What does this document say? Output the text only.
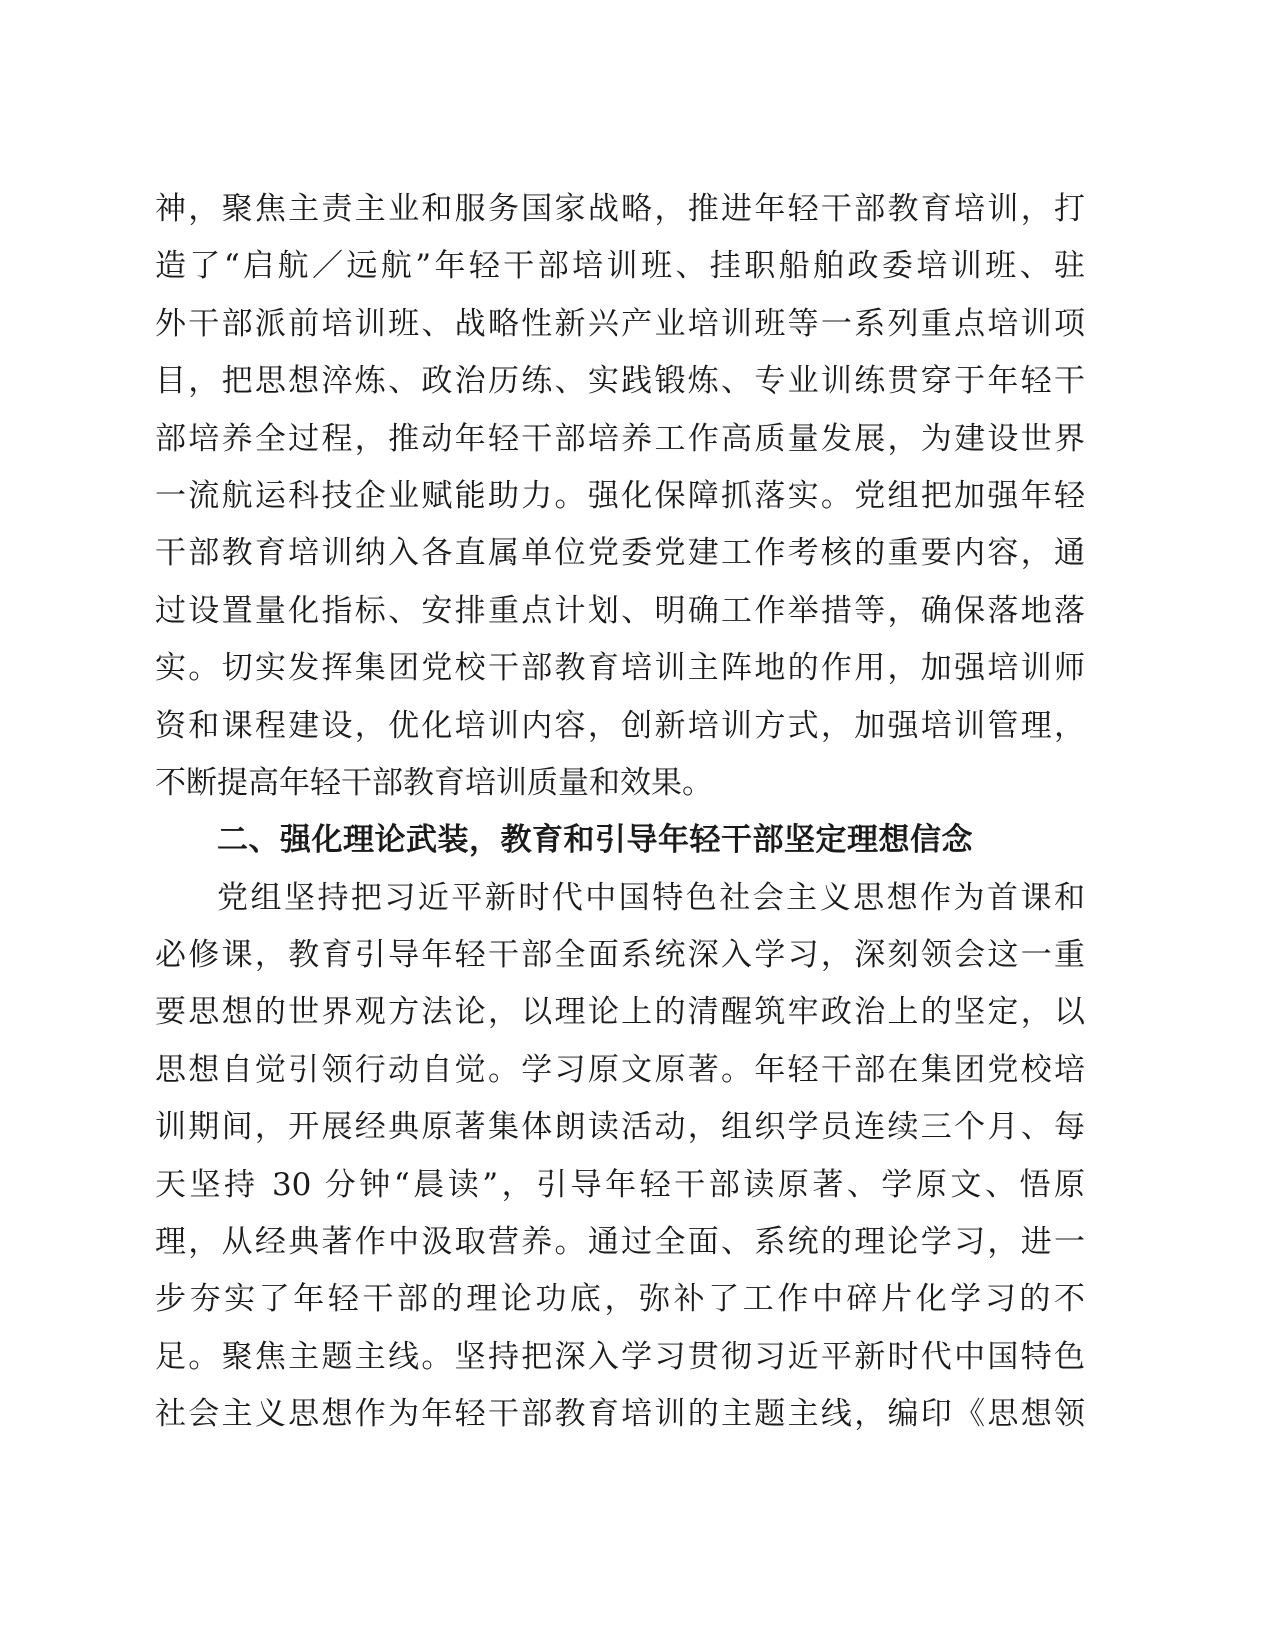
神，聚焦主责主业和服务国家战略，推进年轻干部教育培训，打
造了“启航／远航”年轻干部培训班、挂职船舶政委培训班、驻
外干部派前培训班、战略性新兴产业培训班等一系列重点培训项
目，把思想淬炼、政治历练、实践锻炼、专业训练贯穿于年轻干
部培养全过程，推动年轻干部培养工作高质量发展，为建设世界
一流航运科技企业赋能助力。强化保障抓落实。党组把加强年轻
干部教育培训纳入各直属单位党委党建工作考核的重要内容，通
过设置量化指标、安排重点计划、明确工作举措等，确保落地落
实。切实发挥集团党校干部教育培训主阵地的作用，加强培训师
资和课程建设，优化培训内容，创新培训方式，加强培训管理，
不断提高年轻干部教育培训质量和效果。
二、强化理论武装，教育和引导年轻干部坚定理想信念
党组坚持把习近平新时代中国特色社会主义思想作为首课和
必修课，教育引导年轻干部全面系统深入学习，深刻领会这一重
要思想的世界观方法论，以理论上的清醒筑牢政治上的坚定，以
思想自觉引领行动自觉。学习原文原著。年轻干部在集团党校培
训期间，开展经典原著集体朗读活动，组织学员连续三个月、每
天坚持 30 分钟“晨读”，引导年轻干部读原著、学原文、悟原
理，从经典著作中汲取营养。通过全面、系统的理论学习，进一
步夯实了年轻干部的理论功底，弥补了工作中碎片化学习的不
足。聚焦主题主线。坚持把深入学习贯彻习近平新时代中国特色
社会主义思想作为年轻干部教育培训的主题主线，编印《思想领
